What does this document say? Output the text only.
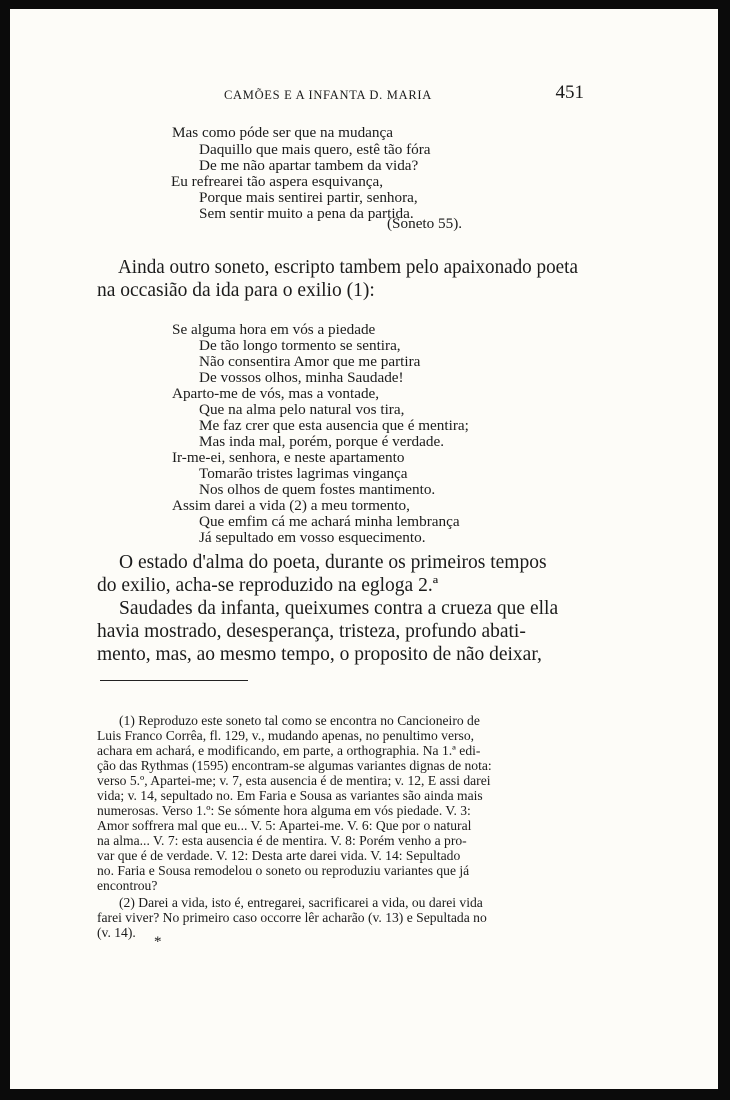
CAMÕES E A INFANTA D. MARIA	451
Mas como póde ser que na mudança
Daquillo que mais quero, estê tão fóra
De me não apartar tambem da vida?
Eu refrearei tão aspera esquivança,
Porque mais sentirei partir, senhora,
Sem sentir muito a pena da partida.
(Soneto 55).
Ainda outro soneto, escripto tambem pelo apaixonado poeta
na occasião da ida para o exilio (1):
Se alguma hora em vós a piedade
De tão longo tormento se sentira,
Não consentira Amor que me partira
De vossos olhos, minha Saudade!
Aparto-me de vós, mas a vontade,
Que na alma pelo natural vos tira,
Me faz crer que esta ausencia que é mentira;
Mas inda mal, porém, porque é verdade.
Ir-me-ei, senhora, e neste apartamento
Tomarão tristes lagrimas vingança
Nos olhos de quem fostes mantimento.
Assim darei a vida (2) a meu tormento,
Que emfim cá me achará minha lembrança
Já sepultado em vosso esquecimento.
O estado d'alma do poeta, durante os primeiros tempos
do exilio, acha-se reproduzido na egloga 2.ª
Saudades da infanta, queixumes contra a crueza que ella
havia mostrado, desesperança, tristeza, profundo abati-
mento, mas, ao mesmo tempo, o proposito de não deixar,
(1) Reproduzo este soneto tal como se encontra no Cancioneiro de
Luis Franco Corrêa, fl. 129, v., mudando apenas, no penultimo verso,
achara em achará, e modificando, em parte, a orthographia. Na 1.ª edi-
ção das Rythmas (1595) encontram-se algumas variantes dignas de nota:
verso 5.º, Apartei-me; v. 7, esta ausencia é de mentira; v. 12, E assi darei
vida; v. 14, sepultado no. Em Faria e Sousa as variantes são ainda mais
numerosas. Verso 1.º: Se sómente hora alguma em vós piedade. V. 3:
Amor soffrera mal que eu... V. 5: Apartei-me. V. 6: Que por o natural
na alma... V. 7: esta ausencia é de mentira. V. 8: Porém venho a pro-
var que é de verdade. V. 12: Desta arte darei vida. V. 14: Sepultado
no. Faria e Sousa remodelou o soneto ou reproduziu variantes que já
encontrou?
(2) Darei a vida, isto é, entregarei, sacrificarei a vida, ou darei vida
farei viver? No primeiro caso occorre lêr acharão (v. 13) e Sepultada no
(v. 14).
*
